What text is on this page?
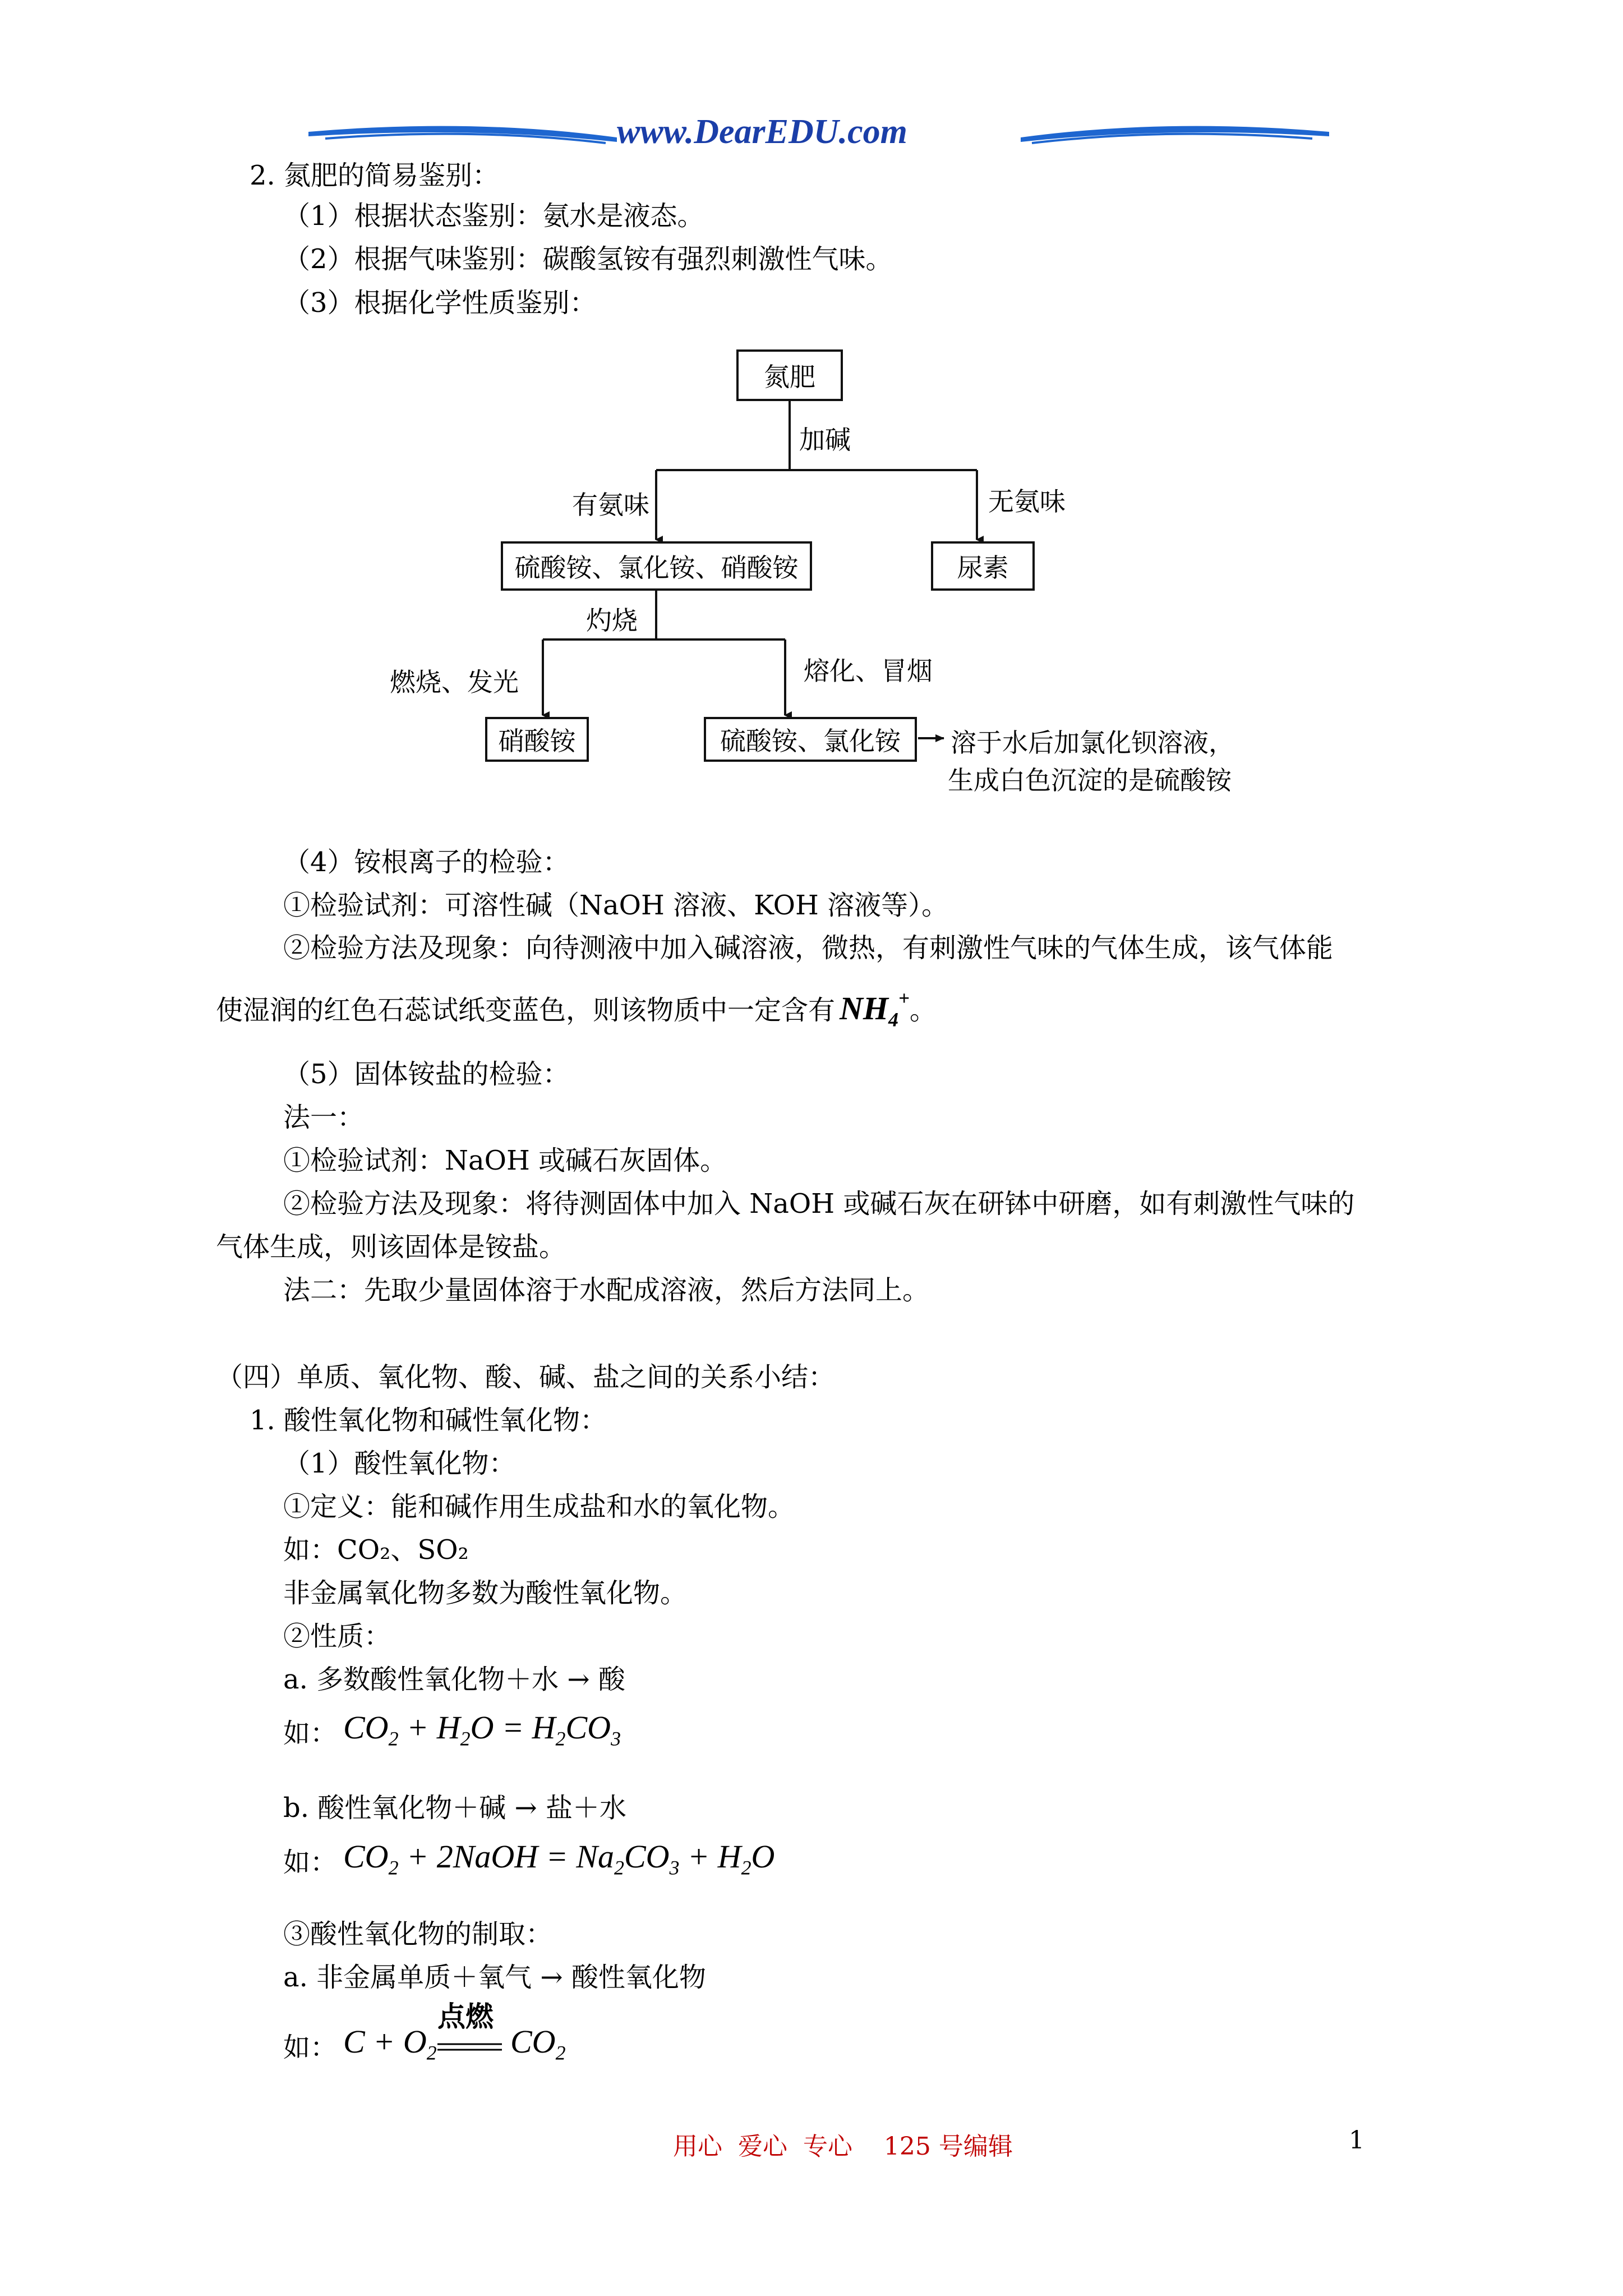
www.DearEDU.com
2. 氮肥的简易鉴别：
（1）根据状态鉴别：氨水是液态。
（2）根据气味鉴别：碳酸氢铵有强烈刺激性气味。
（3）根据化学性质鉴别：
氮肥
加碱
有氨味	无氨味
硫酸铵、氯化铵、硝酸铵	尿素
灼烧
燃烧、发光	熔化、冒烟
硝酸铵	硫酸铵、氯化铵	溶于水后加氯化钡溶液，
生成白色沉淀的是硫酸铵
（4）铵根离子的检验：
①检验试剂：可溶性碱（NaOH 溶液、KOH 溶液等）。
②检验方法及现象：向待测液中加入碱溶液，微热，有刺激性气味的气体生成，该气体能
使湿润的红色石蕊试纸变蓝色，则该物质中一定含有 $NH_4^+$。
（5）固体铵盐的检验：
法一：
①检验试剂：NaOH 或碱石灰固体。
②检验方法及现象：将待测固体中加入 NaOH 或碱石灰在研钵中研磨，如有刺激性气味的
气体生成，则该固体是铵盐。
法二：先取少量固体溶于水配成溶液，然后方法同上。
（四）单质、氧化物、酸、碱、盐之间的关系小结：
1. 酸性氧化物和碱性氧化物：
（1）酸性氧化物：
①定义：能和碱作用生成盐和水的氧化物。
如：CO₂、SO₂
非金属氧化物多数为酸性氧化物。
②性质：
a. 多数酸性氧化物＋水 → 酸
如： $CO_2 + H_2O = H_2CO_3$
b. 酸性氧化物＋碱 → 盐＋水
如： $CO_2$ + 2NaOH = $Na_2CO_3 + H_2O$
③酸性氧化物的制取：
a. 非金属单质＋氧气 → 酸性氧化物
如： $C + O_2$
点燃
$CO_2$
用心  爱心  专心    125 号编辑	1
